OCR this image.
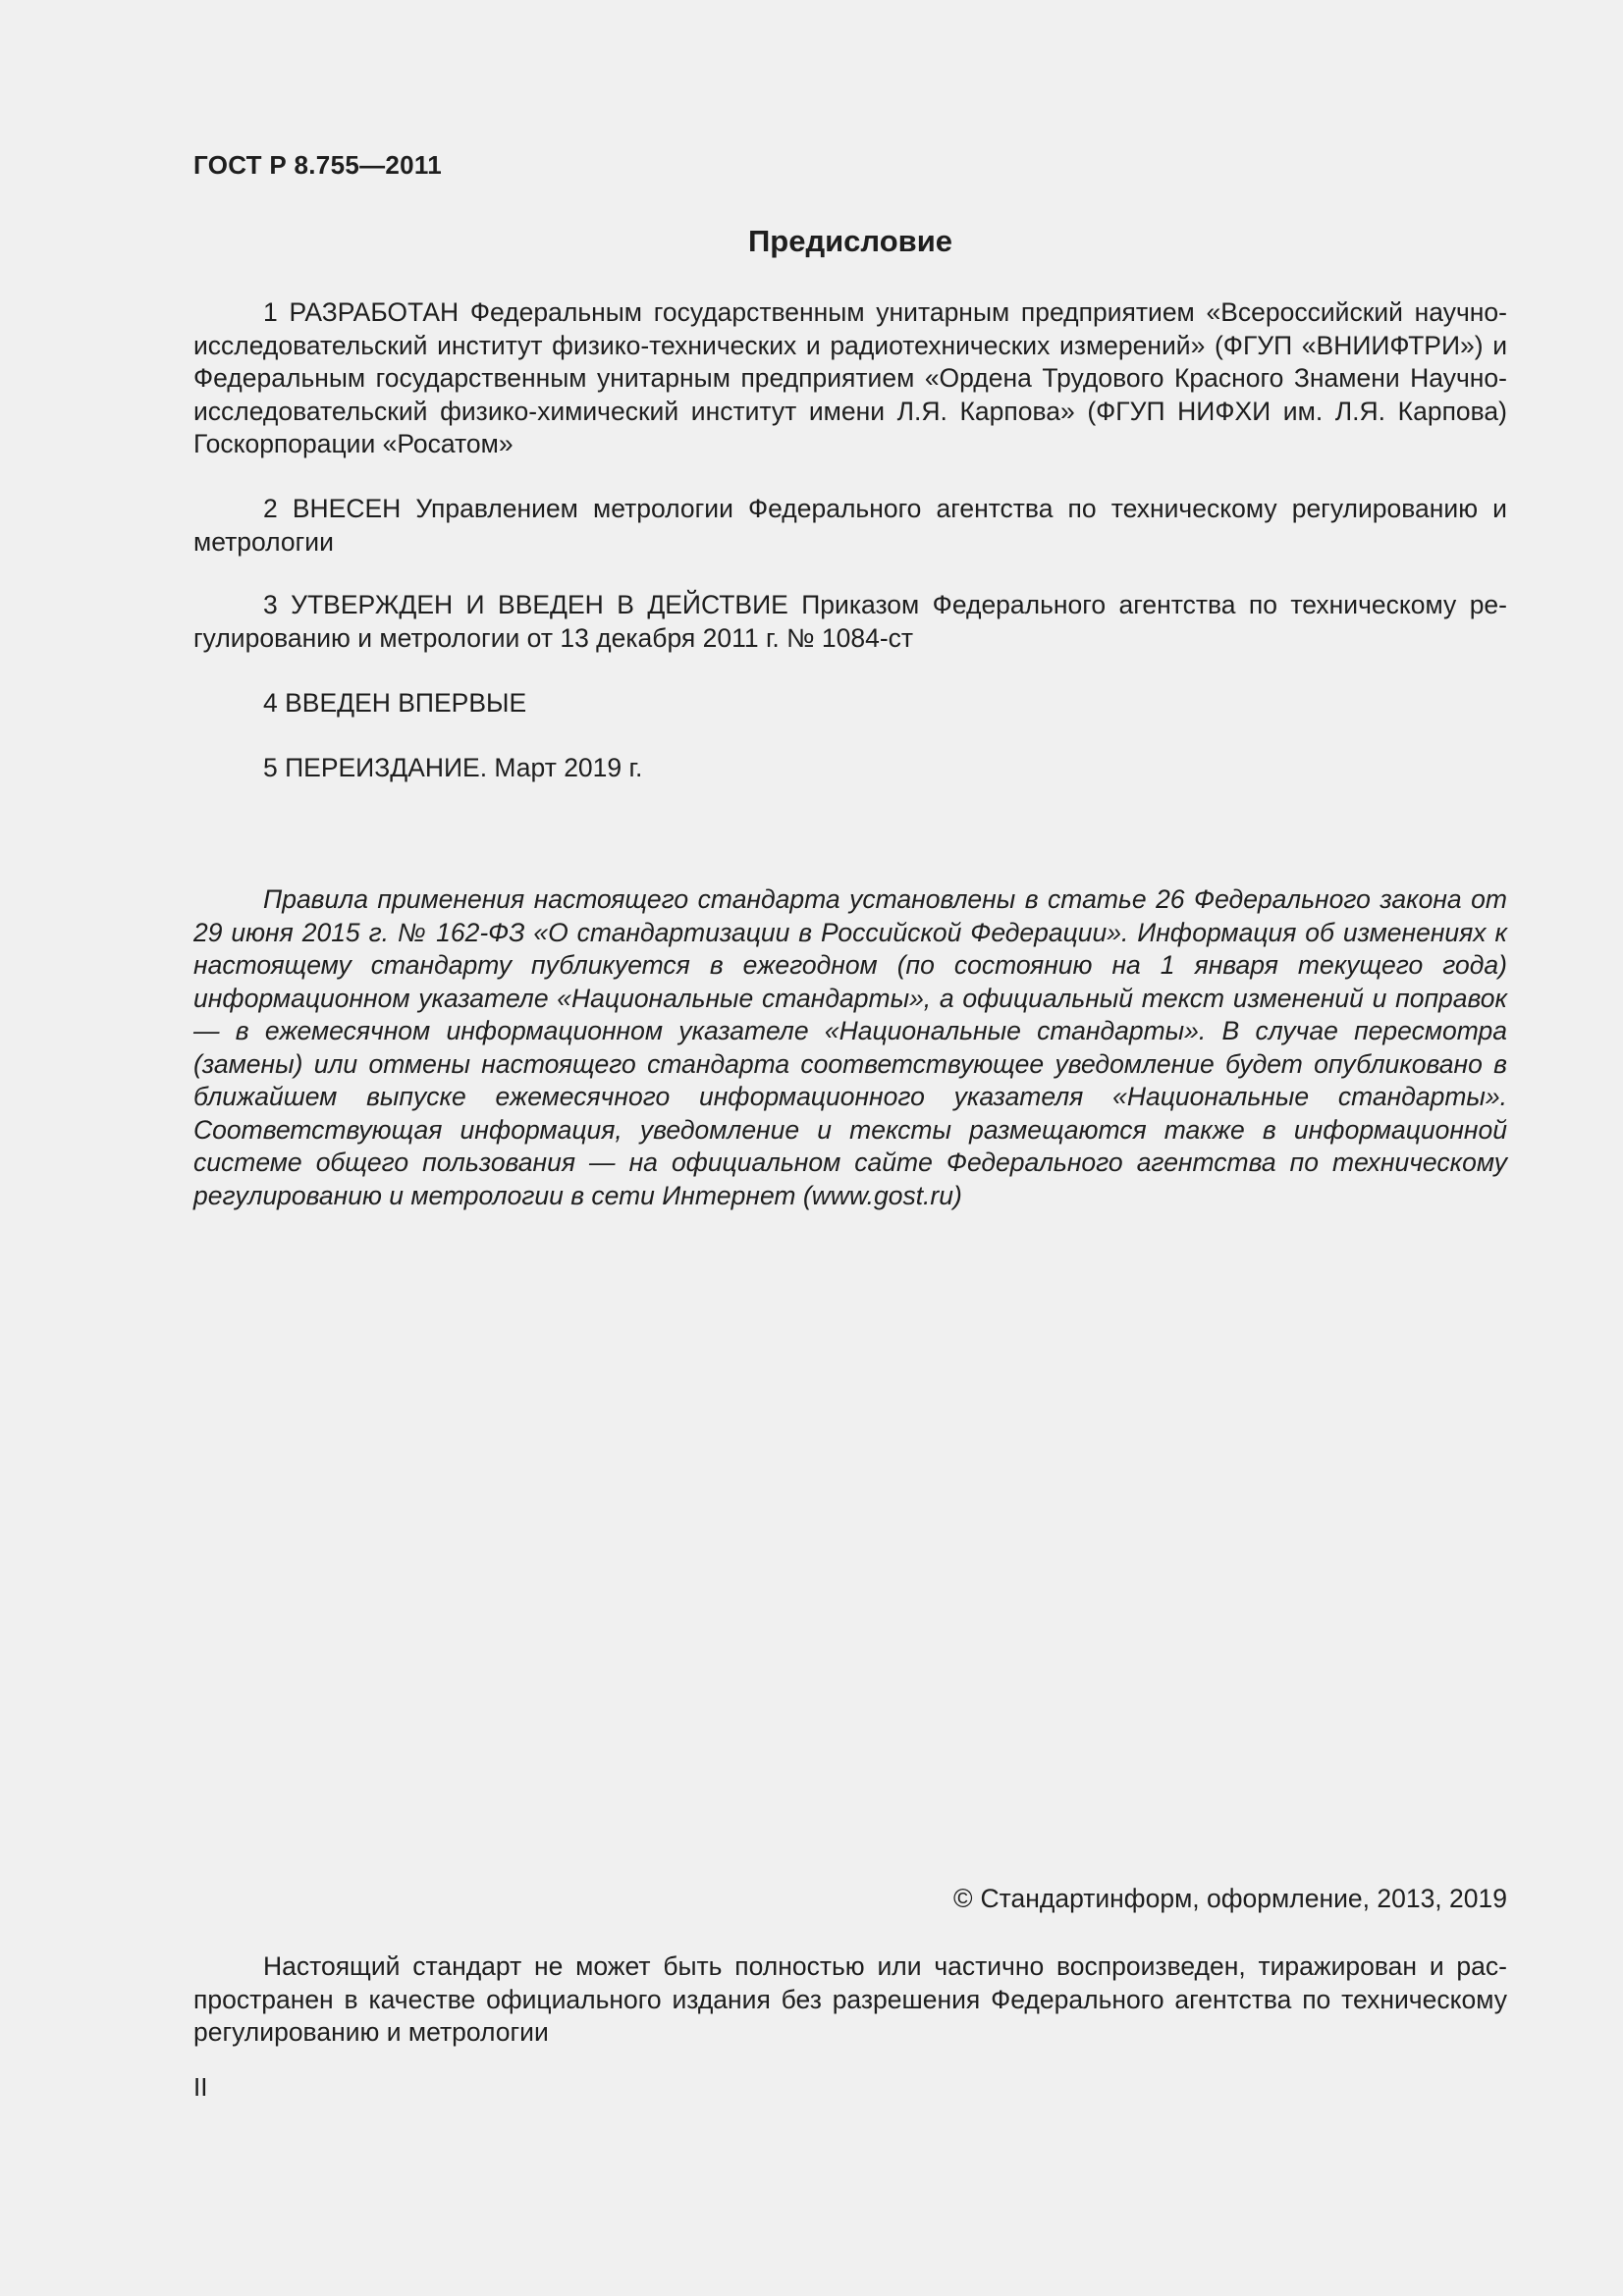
ГОСТ Р 8.755—2011
Предисловие

1 РАЗРАБОТАН Федеральным государственным унитарным предприятием «Всероссийский научно-исследовательский институт физико-технических и радиотехнических измерений» (ФГУП «ВНИИФТРИ») и Федеральным государственным унитарным предприятием «Ордена Трудового Красного Знамени Научно-исследовательский физико-химический институт имени Л.Я. Карпова» (ФГУП НИФХИ им. Л.Я. Карпова) Госкорпорации «Росатом»

2 ВНЕСЕН Управлением метрологии Федерального агентства по техническому регулированию и метрологии

3 УТВЕРЖДЕН И ВВЕДЕН В ДЕЙСТВИЕ Приказом Федерального агентства по техническому регулированию и метрологии от 13 декабря 2011 г. № 1084-ст

4 ВВЕДЕН ВПЕРВЫЕ

5 ПЕРЕИЗДАНИЕ. Март 2019 г.

Правила применения настоящего стандарта установлены в статье 26 Федерального закона от 29 июня 2015 г. № 162-ФЗ «О стандартизации в Российской Федерации». Информация об изменениях к настоящему стандарту публикуется в ежегодном (по состоянию на 1 января текущего года) информационном указателе «Национальные стандарты», а официальный текст изменений и поправок — в ежемесячном информационном указателе «Национальные стандарты». В случае пересмотра (замены) или отмены настоящего стандарта соответствующее уведомление будет опубликовано в ближайшем выпуске ежемесячного информационного указателя «Национальные стандарты». Соответствующая информация, уведомление и тексты размещаются также в информационной системе общего пользования — на официальном сайте Федерального агентства по техническому регулированию и метрологии в сети Интернет (www.gost.ru)

© Стандартинформ, оформление, 2013, 2019

Настоящий стандарт не может быть полностью или частично воспроизведен, тиражирован и распространен в качестве официального издания без разрешения Федерального агентства по техническому регулированию и метрологии

II
